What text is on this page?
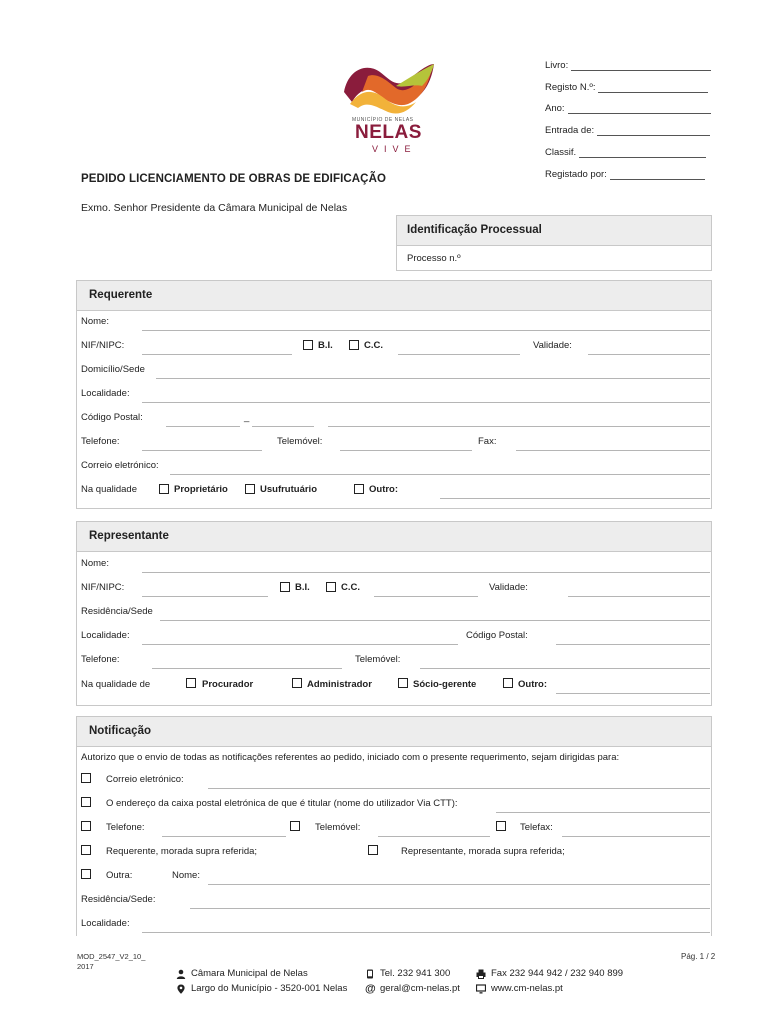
MUNICÍPIO DE NELAS
NELAS
VIVE
Livro:
Registo N.º:
Ano:
Entrada de:
Classif.
Registado por:
PEDIDO LICENCIAMENTO DE OBRAS DE EDIFICAÇÃO
Exmo. Senhor Presidente da Câmara Municipal de Nelas
Identificação Processual
Processo n.º
Requerente
Nome:
NIF/NIPC:	B.I.	C.C.	Validade:
Domicílio/Sede
Localidade:
Código Postal:	_
Telefone:	Telemóvel:	Fax:
Correio eletrónico:
Na qualidade	Proprietário	Usufrutuário	Outro:
Representante
Nome:
NIF/NIPC:	B.I.	C.C.	Validade:
Residência/Sede
Localidade:	Código Postal:
Telefone:	Telemóvel:
Na qualidade de	Procurador	Administrador	Sócio-gerente	Outro:
Notificação
Autorizo que o envio de todas as notificações referentes ao pedido, iniciado com o presente requerimento, sejam dirigidas para:
Correio eletrónico:
O endereço da caixa postal eletrónica de que é titular (nome do utilizador Via CTT):
Telefone:	Telemóvel:	Telefax:
Requerente, morada supra referida;	Representante, morada supra referida;
Outra:	Nome:
Residência/Sede:
Localidade:
MOD_2547_V2_10_
2017
Pág. 1 / 2
Câmara Municipal de Nelas
Largo do Município - 3520-001 Nelas
Tel. 232 941 300
@ geral@cm-nelas.pt
Fax 232 944 942 / 232 940 899
www.cm-nelas.pt
